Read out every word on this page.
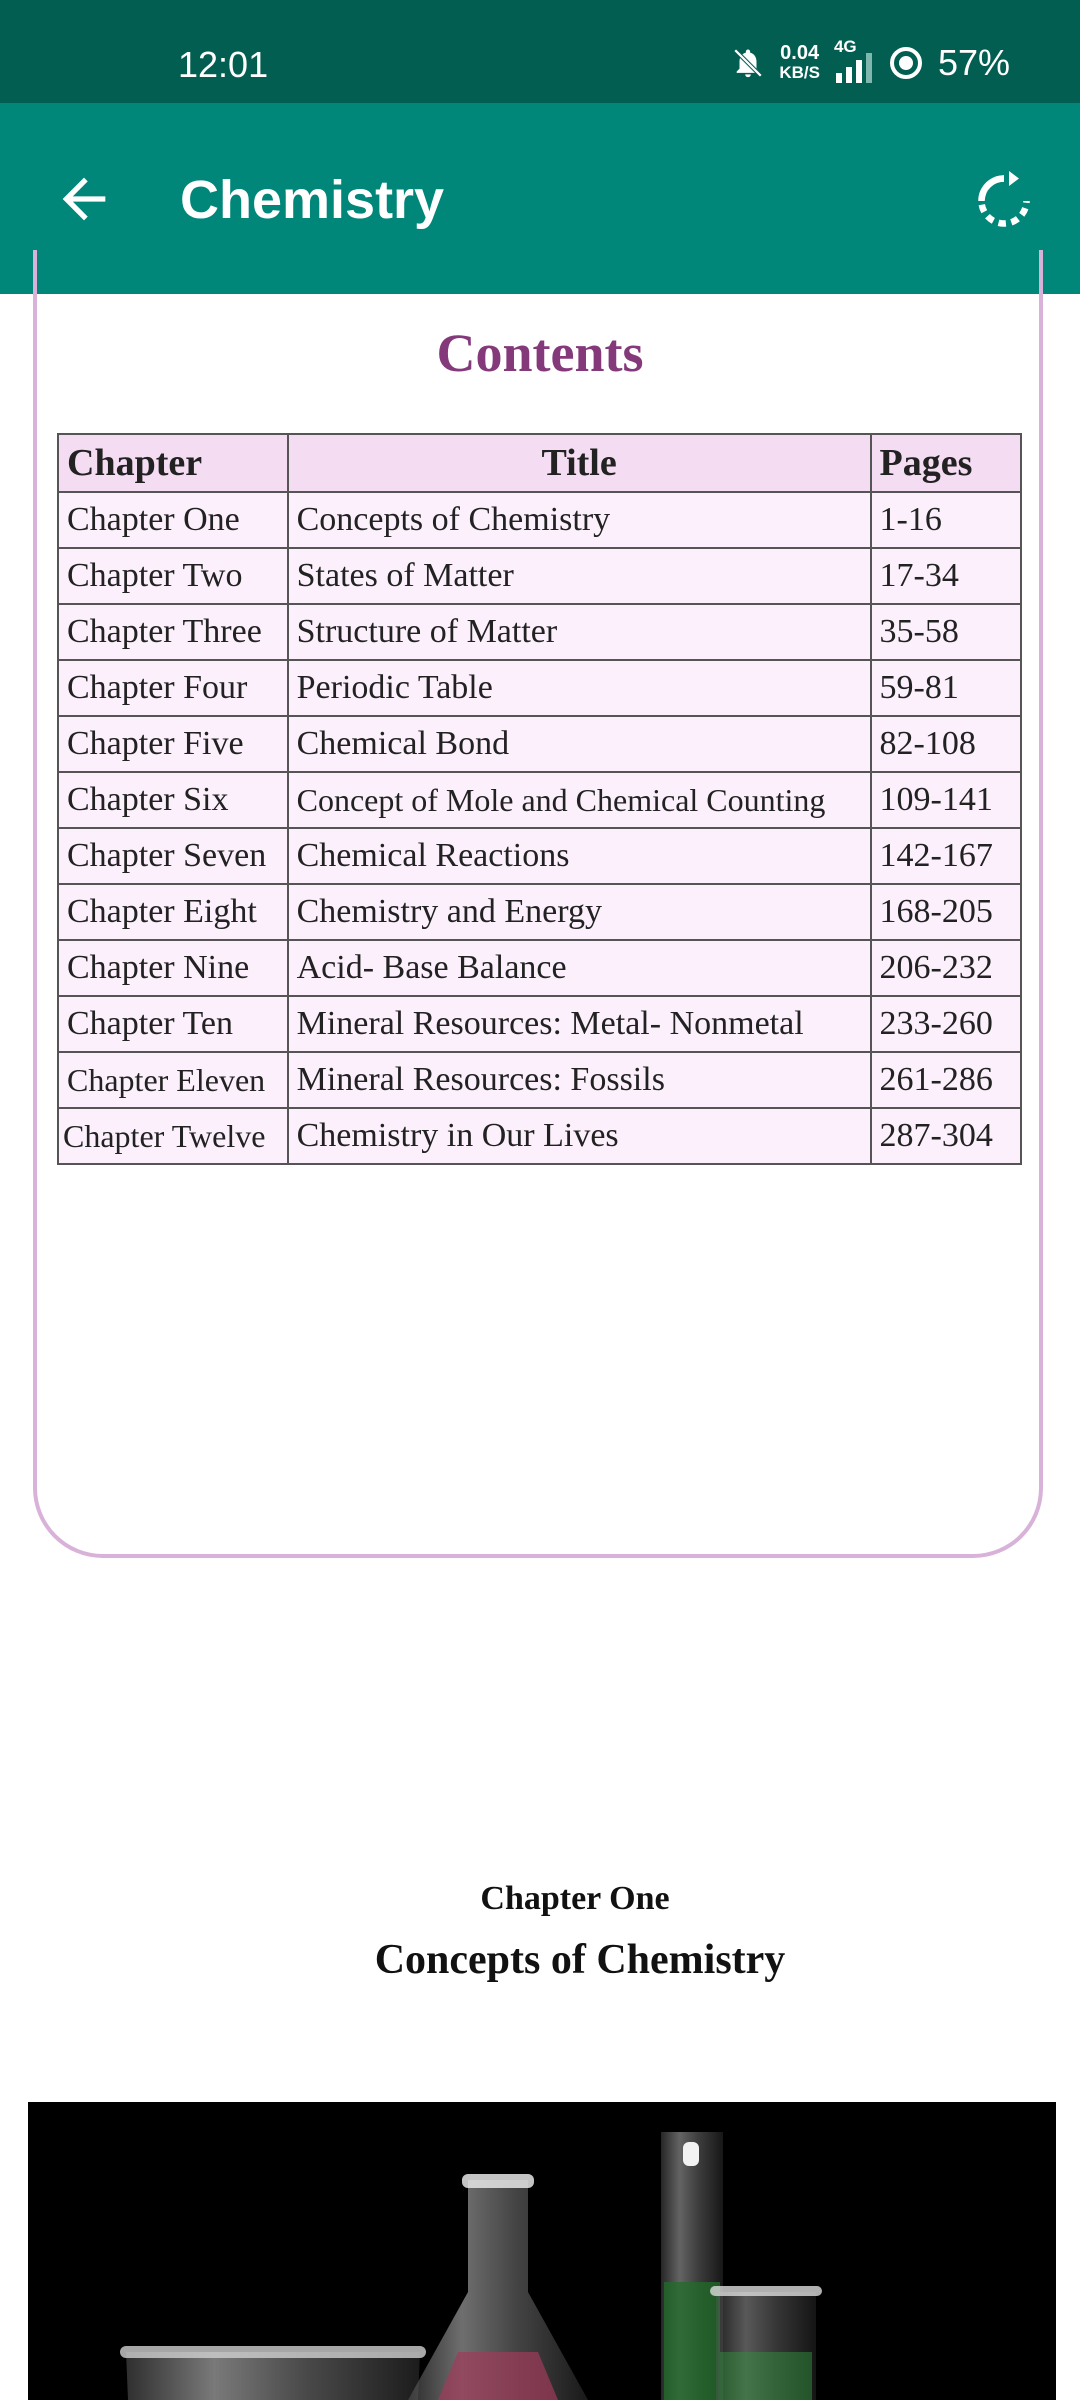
12:01	0.04
KB/S
4G 57%
Chemistry
Contents
Chapter	Title	Pages
Chapter One	Concepts of Chemistry	1-16
Chapter Two	States of Matter	17-34
Chapter Three	Structure of Matter	35-58
Chapter Four	Periodic Table	59-81
Chapter Five	Chemical Bond	82-108
Chapter Six	Concept of Mole and Chemical Counting	109-141
Chapter Seven	Chemical Reactions	142-167
Chapter Eight	Chemistry and Energy	168-205
Chapter Nine	Acid- Base Balance	206-232
Chapter Ten	Mineral Resources: Metal- Nonmetal	233-260
Chapter Eleven	Mineral Resources: Fossils	261-286
Chapter Twelve	Chemistry in Our Lives	287-304
Chapter One
Concepts of Chemistry
